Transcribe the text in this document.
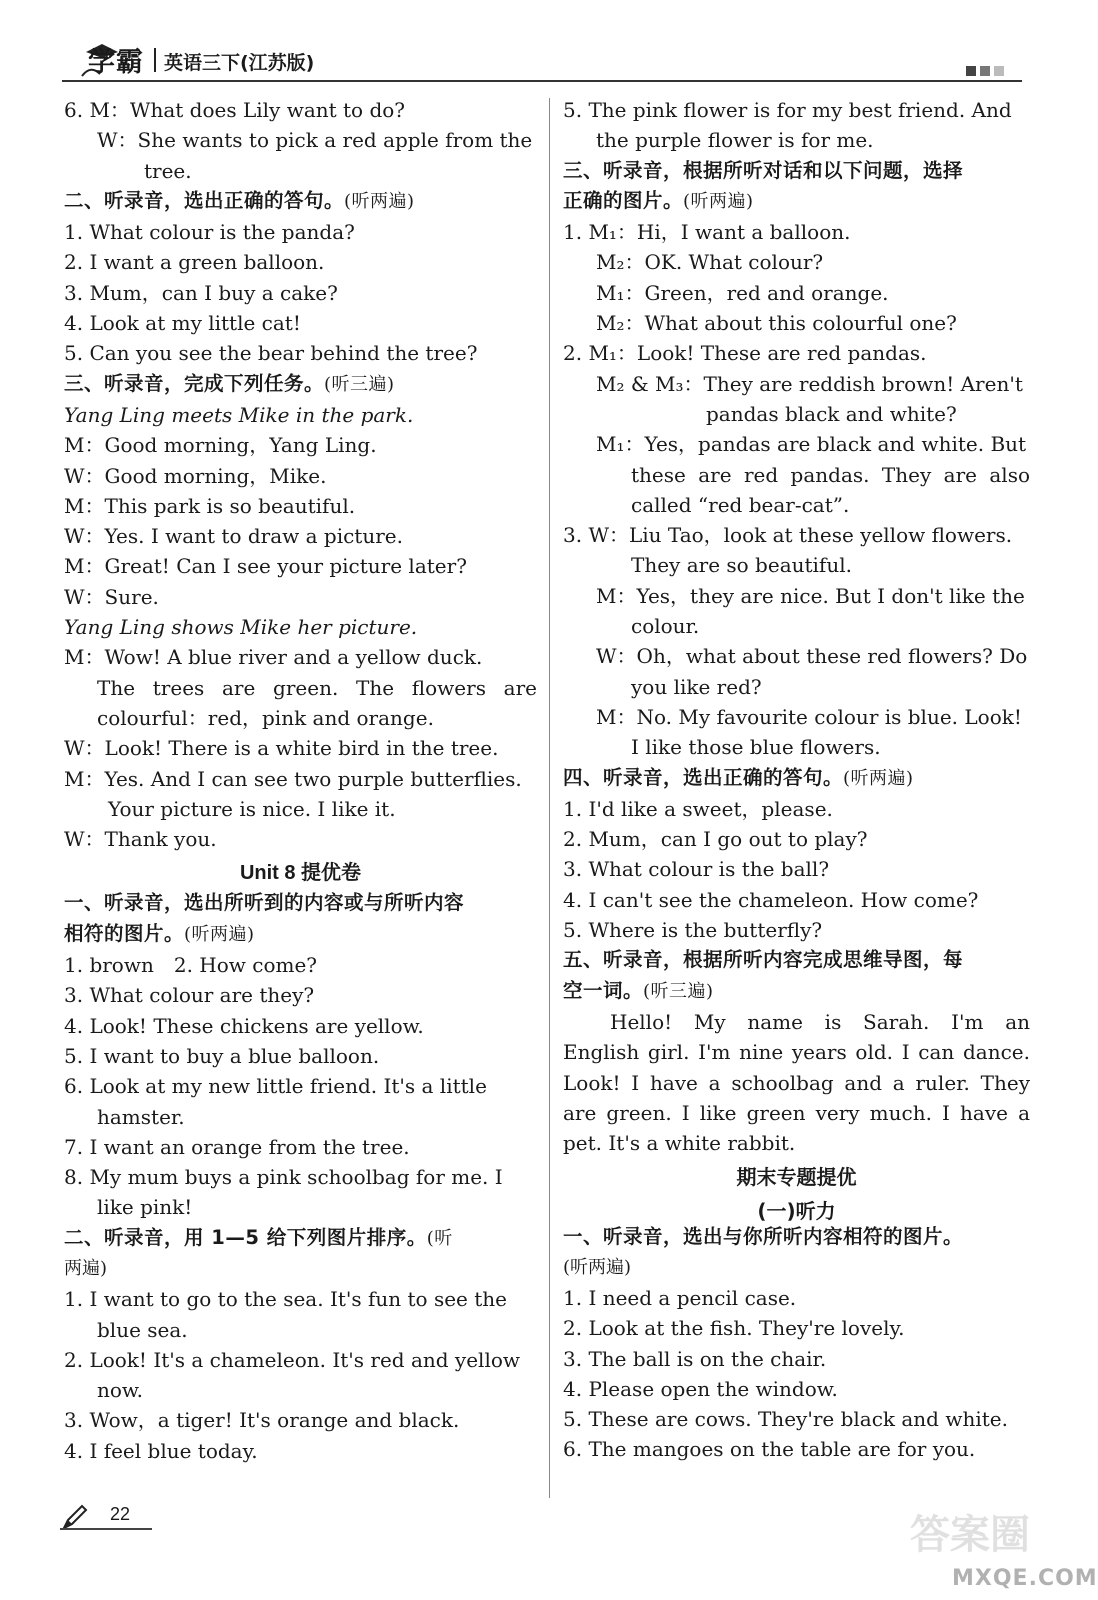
学霸 英语三下(江苏版)
6. M：What does Lily want to do?
W：She wants to pick a red apple from the
tree.
二、听录音，选出正确的答句。(听两遍)
1. What colour is the panda?
2. I want a green balloon.
3. Mum，can I buy a cake?
4. Look at my little cat!
5. Can you see the bear behind the tree?
三、听录音，完成下列任务。(听三遍)
Yang Ling meets Mike in the park.
M：Good morning，Yang Ling.
W：Good morning，Mike.
M：This park is so beautiful.
W：Yes. I want to draw a picture.
M：Great! Can I see your picture later?
W：Sure.
Yang Ling shows Mike her picture.
M：Wow! A blue river and a yellow duck.
The trees are green. The flowers are
colourful：red，pink and orange.
W：Look! There is a white bird in the tree.
M：Yes. And I can see two purple butterflies.
Your picture is nice. I like it.
W：Thank you.
Unit 8 提优卷
一、听录音，选出所听到的内容或与所听内容
相符的图片。(听两遍)
1. brown　2. How come?
3. What colour are they?
4. Look! These chickens are yellow.
5. I want to buy a blue balloon.
6. Look at my new little friend. It's a little
hamster.
7. I want an orange from the tree.
8. My mum buys a pink schoolbag for me. I
like pink!
二、听录音，用 1—5 给下列图片排序。(听
两遍)
1. I want to go to the sea. It's fun to see the
blue sea.
2. Look! It's a chameleon. It's red and yellow
now.
3. Wow，a tiger! It's orange and black.
4. I feel blue today.
5. The pink flower is for my best friend. And
the purple flower is for me.
三、听录音，根据所听对话和以下问题，选择
正确的图片。(听两遍)
1. M₁：Hi，I want a balloon.
M₂：OK. What colour?
M₁：Green，red and orange.
M₂：What about this colourful one?
2. M₁：Look! These are red pandas.
M₂ & M₃：They are reddish brown! Aren't
pandas black and white?
M₁：Yes，pandas are black and white. But
these are red pandas. They are also
called “red bear-cat”.
3. W：Liu Tao，look at these yellow flowers.
They are so beautiful.
M：Yes，they are nice. But I don't like the
colour.
W：Oh，what about these red flowers? Do
you like red?
M：No. My favourite colour is blue. Look!
I like those blue flowers.
四、听录音，选出正确的答句。(听两遍)
1. I'd like a sweet，please.
2. Mum，can I go out to play?
3. What colour is the ball?
4. I can't see the chameleon. How come?
5. Where is the butterfly?
五、听录音，根据所听内容完成思维导图，每
空一词。(听三遍)
Hello! My name is Sarah. I'm an
English girl. I'm nine years old. I can dance.
Look! I have a schoolbag and a ruler. They
are green. I like green very much. I have a
pet. It's a white rabbit.
期末专题提优
(一)听力
一、听录音，选出与你所听内容相符的图片。
(听两遍)
1. I need a pencil case.
2. Look at the fish. They're lovely.
3. The ball is on the chair.
4. Please open the window.
5. These are cows. They're black and white.
6. The mangoes on the table are for you.
22	答案圈
MXQE.COM
